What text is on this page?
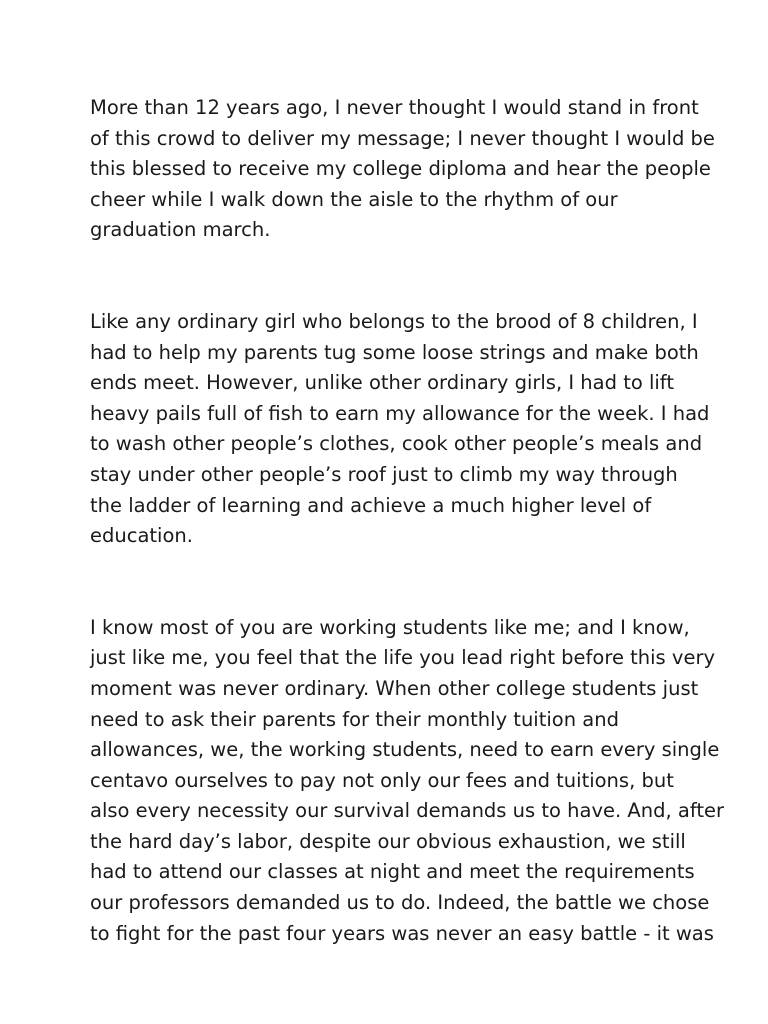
More than 12 years ago, I never thought I would stand in front
of this crowd to deliver my message; I never thought I would be
this blessed to receive my college diploma and hear the people
cheer while I walk down the aisle to the rhythm of our
graduation march.

Like any ordinary girl who belongs to the brood of 8 children, I
had to help my parents tug some loose strings and make both
ends meet. However, unlike other ordinary girls, I had to lift
heavy pails full of fish to earn my allowance for the week. I had
to wash other people’s clothes, cook other people’s meals and
stay under other people’s roof just to climb my way through
the ladder of learning and achieve a much higher level of
education.

I know most of you are working students like me; and I know,
just like me, you feel that the life you lead right before this very
moment was never ordinary. When other college students just
need to ask their parents for their monthly tuition and
allowances, we, the working students, need to earn every single
centavo ourselves to pay not only our fees and tuitions, but
also every necessity our survival demands us to have. And, after
the hard day’s labor, despite our obvious exhaustion, we still
had to attend our classes at night and meet the requirements
our professors demanded us to do. Indeed, the battle we chose
to fight for the past four years was never an easy battle - it was
